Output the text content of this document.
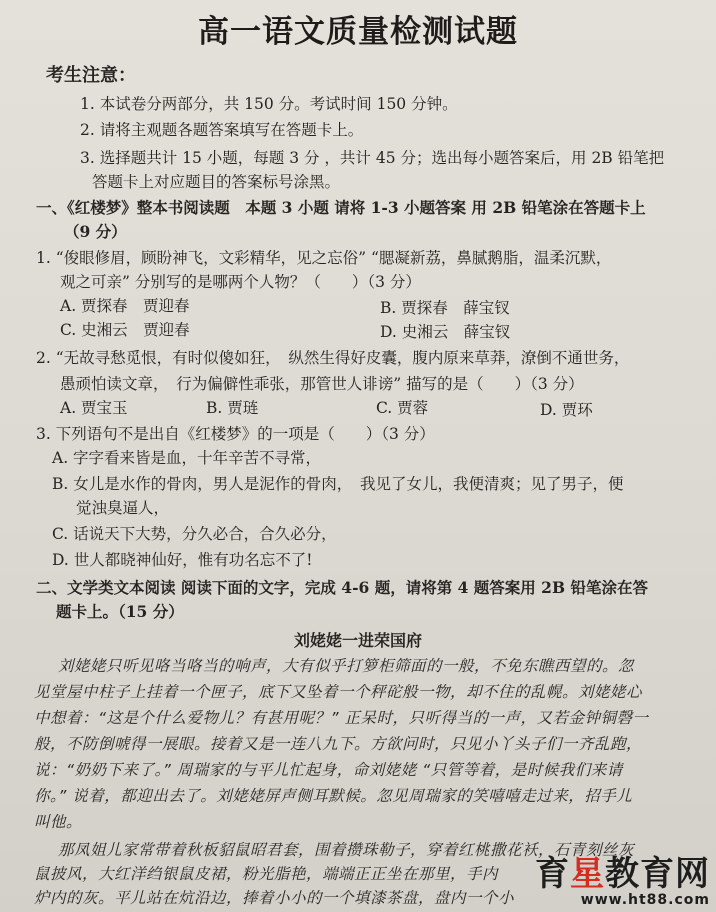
高一语文质量检测试题
考生注意：
1. 本试卷分两部分，共 150 分。考试时间 150 分钟。
2. 请将主观题各题答案填写在答题卡上。
3. 选择题共计 15 小题，每题 3 分 ，共计 45 分；选出每小题答案后，用 2B 铅笔把
答题卡上对应题目的答案标号涂黑。
一、《红楼梦》整本书阅读题　本题 3 小题 请将 1-3 小题答案 用 2B 铅笔涂在答题卡上
（9 分）
1. “俊眼修眉，顾盼神飞，文彩精华，见之忘俗” “腮凝新荔，鼻腻鹅脂，温柔沉默，
观之可亲” 分别写的是哪两个人物？（　　）（3 分）
A. 贾探春　贾迎春	B. 贾探春　薛宝钗
C. 史湘云　贾迎春	D. 史湘云　薛宝钗
2. “无故寻愁觅恨，有时似傻如狂，　纵然生得好皮囊，腹内原来草莽，潦倒不通世务，
愚顽怕读文章，　行为偏僻性乖张，那管世人诽谤” 描写的是（　　）（3 分）
A. 贾宝玉	B. 贾琏	C. 贾蓉	D. 贾环
3. 下列语句不是出自《红楼梦》的一项是（　　）（3 分）
A. 字字看来皆是血，十年辛苦不寻常，
B. 女儿是水作的骨肉，男人是泥作的骨肉，　我见了女儿，我便清爽；见了男子，便
觉浊臭逼人，
C. 话说天下大势，分久必合，合久必分，
D. 世人都晓神仙好，惟有功名忘不了!
二、文学类文本阅读 阅读下面的文字，完成 4-6 题，请将第 4 题答案用 2B 铅笔涂在答
题卡上。（15 分）
刘姥姥一进荣国府
刘姥姥只听见咯当咯当的响声，大有似乎打箩柜筛面的一般，不免东瞧西望的。忽
见堂屋中柱子上挂着一个匣子，底下又坠着一个秤砣般一物，却不住的乱幌。刘姥姥心
中想着：“这是个什么爱物儿？有甚用呢？” 正呆时，只听得当的一声，又若金钟铜磬一
般，不防倒唬得一展眼。接着又是一连八九下。方欲问时，只见小丫头子们一齐乱跑，
说：“奶奶下来了。” 周瑞家的与平儿忙起身，命刘姥姥 “只管等着，是时候我们来请
你。” 说着，都迎出去了。刘姥姥屏声侧耳默候。忽见周瑞家的笑嘻嘻走过来，招手儿
叫他。
那凤姐儿家常带着秋板貂鼠昭君套，围着攒珠勒子，穿着红桃撒花袄，石青刻丝灰
鼠披风，大红洋绉银鼠皮裙，粉光脂艳，端端正正坐在那里，手内
炉内的灰。平儿站在炕沿边，捧着小小的一个填漆茶盘，盘内一个小
育星教育网
www.ht88.com
